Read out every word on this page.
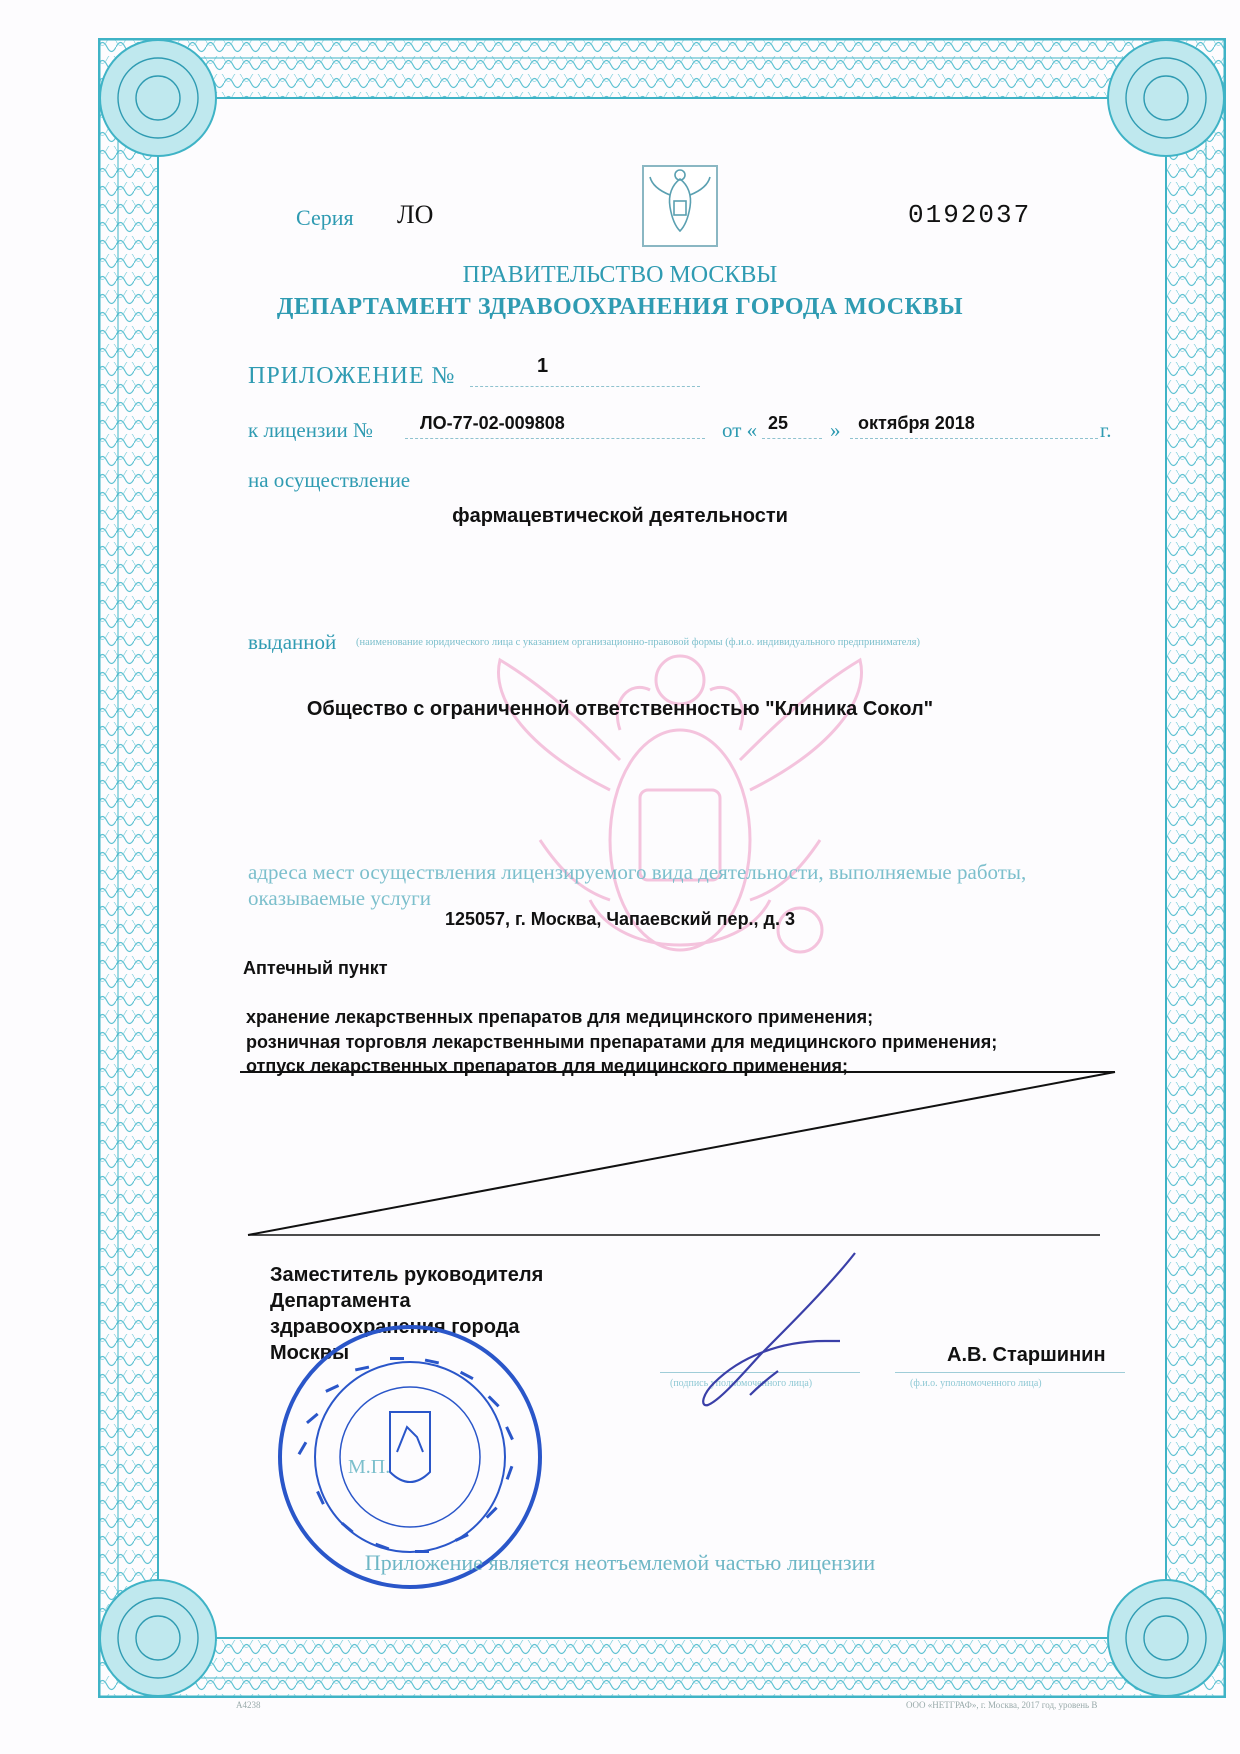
Серия ЛО	0192037
ПРАВИТЕЛЬСТВО МОСКВЫ
ДЕПАРТАМЕНТ ЗДРАВООХРАНЕНИЯ ГОРОДА МОСКВЫ
ПРИЛОЖЕНИЕ №	1
к лицензии №	ЛО-77-02-009808	от « 25 » октября 2018	г.
на осуществление
фармацевтической деятельности
выданной (наименование юридического лица с указанием организационно-правовой формы (ф.и.о. индивидуального предпринимателя)
Общество с ограниченной ответственностью "Клиника Сокол"
адреса мест осуществления лицензируемого вида деятельности, выполняемые работы,
оказываемые услуги
125057, г. Москва, Чапаевский пер., д. 3
Аптечный пункт
хранение лекарственных препаратов для медицинского применения;
розничная торговля лекарственными препаратами для медицинского применения;
отпуск лекарственных препаратов для медицинского применения;
Заместитель руководителя
Департамента
здравоохранения города
Москвы
(подпись уполномоченного лица)	(ф.и.о. уполномоченного лица)
А.В. Старшинин
М.П.
Приложение является неотъемлемой частью лицензии
А4238	ООО «НЕТГРАФ», г. Москва, 2017 год, уровень В
